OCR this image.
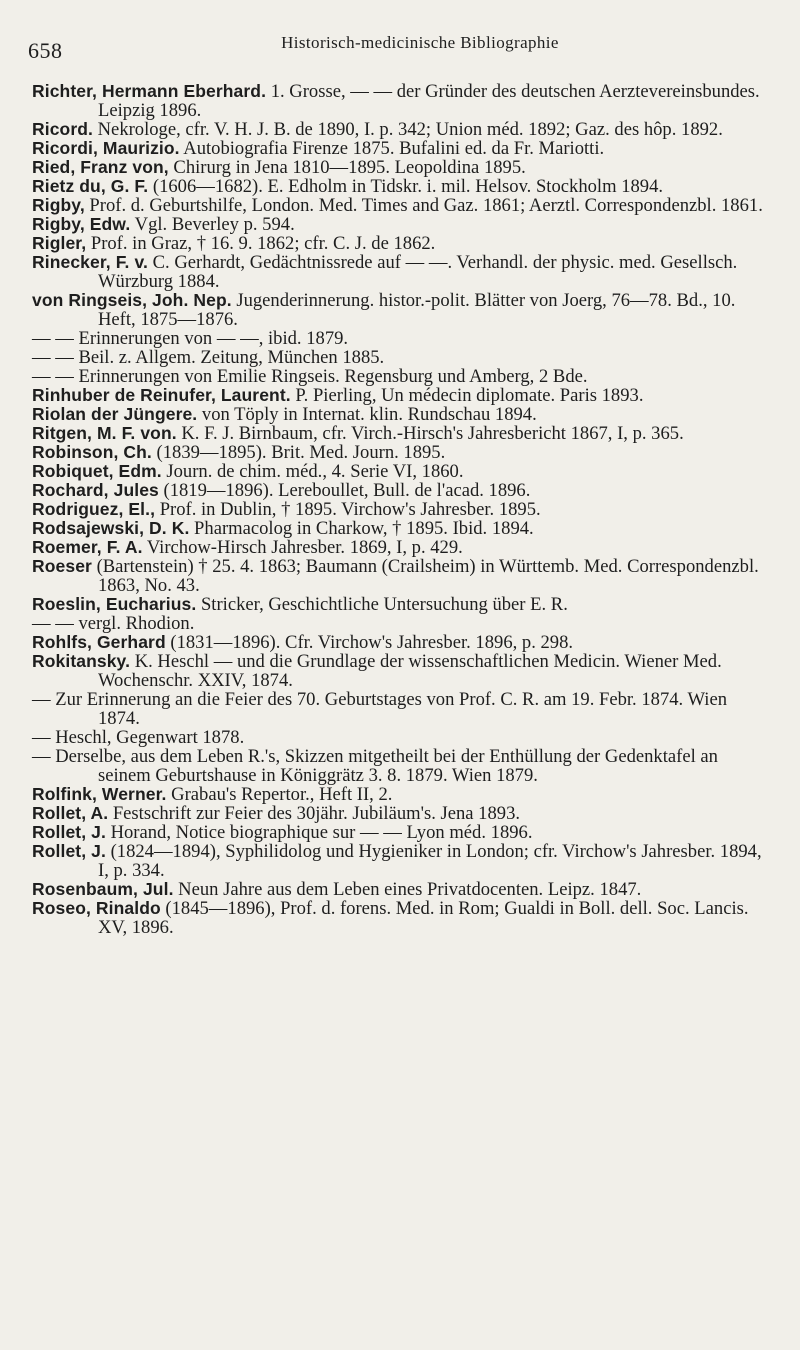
658	Historisch-medicinische Bibliographie
Richter, Hermann Eberhard. 1. Grosse, — — der Gründer des deutschen Aerztevereinsbundes. Leipzig 1896.
Ricord. Nekrologe, cfr. V. H. J. B. de 1890, I. p. 342; Union méd. 1892; Gaz. des hôp. 1892.
Ricordi, Maurizio. Autobiografia Firenze 1875. Bufalini ed. da Fr. Mariotti.
Ried, Franz von, Chirurg in Jena 1810—1895. Leopoldina 1895.
Rietz du, G. F. (1606—1682). E. Edholm in Tidskr. i. mil. Helsov. Stockholm 1894.
Rigby, Prof. d. Geburtshilfe, London. Med. Times and Gaz. 1861; Aerztl. Correspondenzbl. 1861.
Rigby, Edw. Vgl. Beverley p. 594.
Rigler, Prof. in Graz, † 16. 9. 1862; cfr. C. J. de 1862.
Rinecker, F. v. C. Gerhardt, Gedächtnissrede auf — —. Verhandl. der physic. med. Gesellsch. Würzburg 1884.
von Ringseis, Joh. Nep. Jugenderinnerung. histor.-polit. Blätter von Joerg, 76—78. Bd., 10. Heft, 1875—1876.
— — Erinnerungen von — —, ibid. 1879.
— — Beil. z. Allgem. Zeitung, München 1885.
— — Erinnerungen von Emilie Ringseis. Regensburg und Amberg, 2 Bde.
Rinhuber de Reinufer, Laurent. P. Pierling, Un médecin diplomate. Paris 1893.
Riolan der Jüngere. von Töply in Internat. klin. Rundschau 1894.
Ritgen, M. F. von. K. F. J. Birnbaum, cfr. Virch.-Hirsch's Jahresbericht 1867, I, p. 365.
Robinson, Ch. (1839—1895). Brit. Med. Journ. 1895.
Robiquet, Edm. Journ. de chim. méd., 4. Serie VI, 1860.
Rochard, Jules (1819—1896). Lereboullet, Bull. de l'acad. 1896.
Rodriguez, El., Prof. in Dublin, † 1895. Virchow's Jahresber. 1895.
Rodsajewski, D. K. Pharmacolog in Charkow, † 1895. Ibid. 1894.
Roemer, F. A. Virchow-Hirsch Jahresber. 1869, I, p. 429.
Roeser (Bartenstein) † 25. 4. 1863; Baumann (Crailsheim) in Württemb. Med. Correspondenzbl. 1863, No. 43.
Roeslin, Eucharius. Stricker, Geschichtliche Untersuchung über E. R.
— — vergl. Rhodion.
Rohlfs, Gerhard (1831—1896). Cfr. Virchow's Jahresber. 1896, p. 298.
Rokitansky. K. Heschl — und die Grundlage der wissenschaftlichen Medicin. Wiener Med. Wochenschr. XXIV, 1874.
— Zur Erinnerung an die Feier des 70. Geburtstages von Prof. C. R. am 19. Febr. 1874. Wien 1874.
— Heschl, Gegenwart 1878.
— Derselbe, aus dem Leben R.'s, Skizzen mitgetheilt bei der Enthüllung der Gedenktafel an seinem Geburtshause in Königgrätz 3. 8. 1879. Wien 1879.
Rolfink, Werner. Grabau's Repertor., Heft II, 2.
Rollet, A. Festschrift zur Feier des 30jähr. Jubiläum's. Jena 1893.
Rollet, J. Horand, Notice biographique sur — — Lyon méd. 1896.
Rollet, J. (1824—1894), Syphilidolog und Hygieniker in London; cfr. Virchow's Jahresber. 1894, I, p. 334.
Rosenbaum, Jul. Neun Jahre aus dem Leben eines Privatdocenten. Leipz. 1847.
Roseo, Rinaldo (1845—1896), Prof. d. forens. Med. in Rom; Gualdi in Boll. dell. Soc. Lancis. XV, 1896.
